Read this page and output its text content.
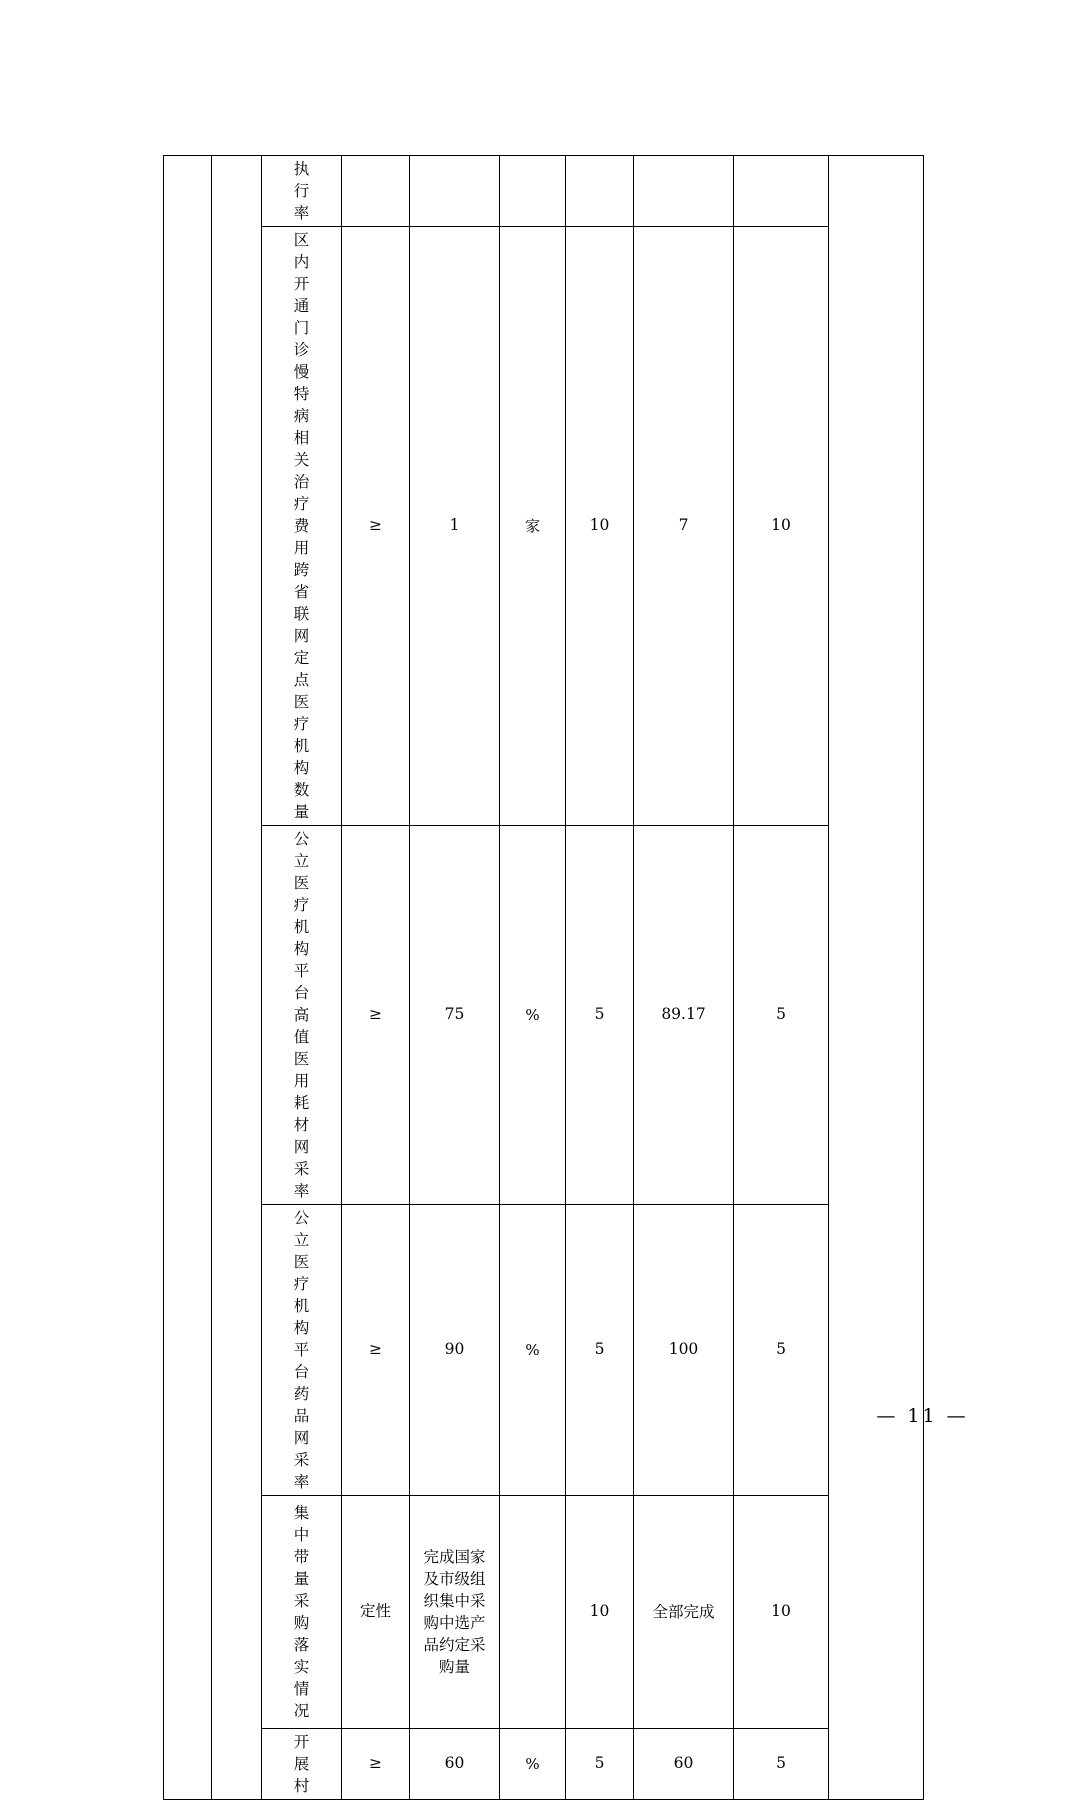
		执行率							

		区内开通门诊慢特病相关治疗费用跨省联网定点医疗机构数量	≥	1	家	10	7	10	

		公立医疗机构平台高值医用耗材网采率	≥	75	%	5	89.17	5	

		公立医疗机构平台药品网采率	≥	90	%	5	100	5	

		集中带量采购落实情况	定性	完成国家及市级组织集中采购中选产品约定采购量		10	全部完成	10	

		开展村	≥	60	%	5	60	5	
— 11 —
